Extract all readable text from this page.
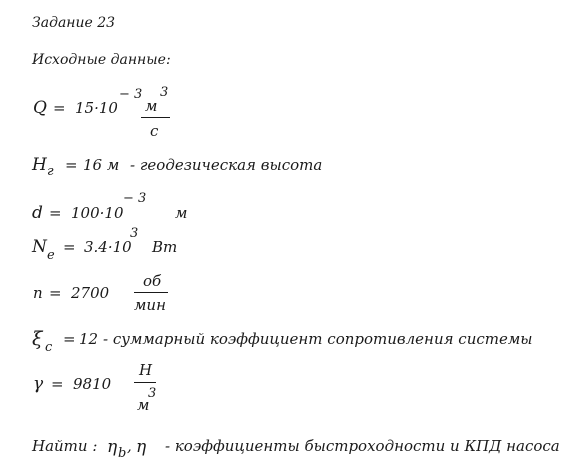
Задание 23
Исходные данные:
Q = 15·10
− 3
м
3
с
H г = 16 м - геодезическая высота
d = 100·10
− 3
м
N e = 3.4·10
3
Вт
n = 2700
об
мин
ξ c = 12 - суммарный коэффициент сопротивления системы
γ = 9810
Н
м
3
Найти : η b , η - коэффициенты быстроходности и КПД насоса
